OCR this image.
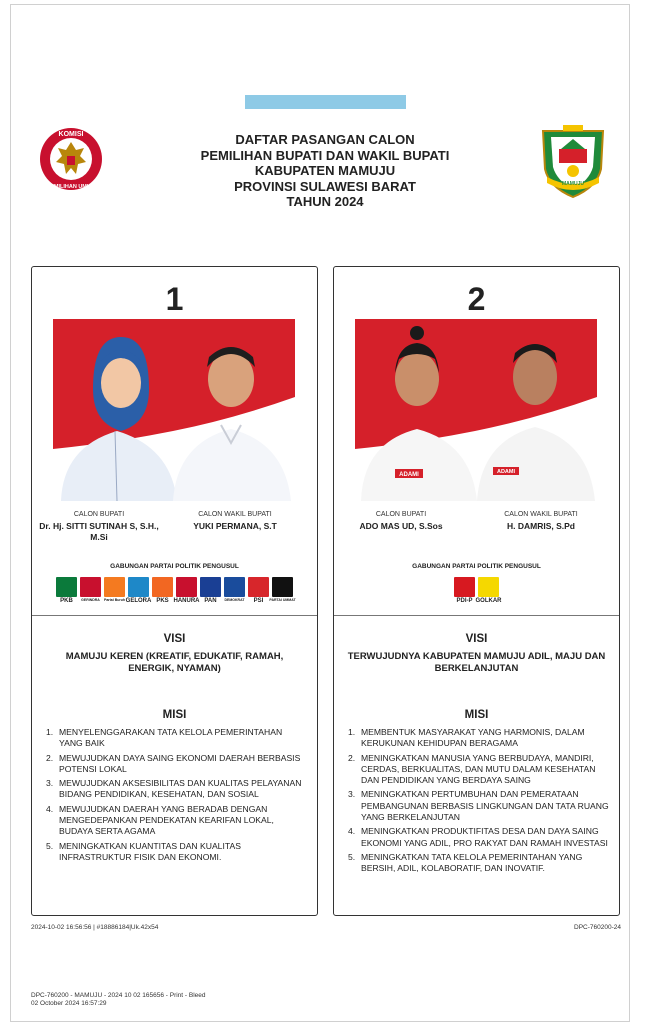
KOMISI
PEMILIHAN UMUM	MAMUJU
DAFTAR PASANGAN CALON
PEMILIHAN BUPATI DAN WAKIL BUPATI
KABUPATEN MAMUJU
PROVINSI SULAWESI BARAT
TAHUN 2024
1
CALON BUPATI
Dr. Hj. SITTI SUTINAH S, S.H., M.Si
CALON WAKIL BUPATI
YUKI PERMANA, S.T
GABUNGAN PARTAI POLITIK PENGUSUL
PKB GERINDRA Partai Buruh GELORA PKS HANURA PAN DEMOKRAT PSI PARTAI UMMAT
VISI
MAMUJU KEREN (KREATIF, EDUKATIF, RAMAH, ENERGIK, NYAMAN)
MISI
1. MENYELENGGARAKAN TATA KELOLA PEMERINTAHAN YANG BAIK
2. MEWUJUDKAN DAYA SAING EKONOMI DAERAH BERBASIS POTENSI LOKAL
3. MEWUJUDKAN AKSESIBILITAS DAN KUALITAS PELAYANAN BIDANG PENDIDIKAN, KESEHATAN, DAN SOSIAL
4. MEWUJUDKAN DAERAH YANG BERADAB DENGAN MENGEDEPANKAN PENDEKATAN KEARIFAN LOKAL, BUDAYA SERTA AGAMA
5. MENINGKATKAN KUANTITAS DAN KUALITAS INFRASTRUKTUR FISIK DAN EKONOMI.
2
ADAMI	ADAMI
CALON BUPATI
ADO MAS UD, S.Sos
CALON WAKIL BUPATI
H. DAMRIS, S.Pd
GABUNGAN PARTAI POLITIK PENGUSUL
PDI-P GOLKAR
VISI
TERWUJUDNYA KABUPATEN MAMUJU ADIL, MAJU DAN BERKELANJUTAN
MISI
1. MEMBENTUK MASYARAKAT YANG HARMONIS, DALAM KERUKUNAN KEHIDUPAN BERAGAMA
2. MENINGKATKAN MANUSIA YANG BERBUDAYA, MANDIRI, CERDAS, BERKUALITAS, DAN MUTU DALAM KESEHATAN DAN PENDIDIKAN YANG BERDAYA SAING
3. MENINGKATKAN PERTUMBUHAN DAN PEMERATAAN PEMBANGUNAN BERBASIS LINGKUNGAN DAN TATA RUANG YANG BERKELANJUTAN
4. MENINGKATKAN PRODUKTIFITAS DESA DAN DAYA SAING EKONOMI YANG ADIL, PRO RAKYAT DAN RAMAH INVESTASI
5. MENINGKATKAN TATA KELOLA PEMERINTAHAN YANG BERSIH, ADIL, KOLABORATIF, DAN INOVATIF.
2024-10-02 16:56:56 | #18886184|Uk.42x54	DPC-760200-24
DPC-760200 - MAMUJU - 2024 10 02 165656 - Print - Bleed
02 October 2024 16:57:29
